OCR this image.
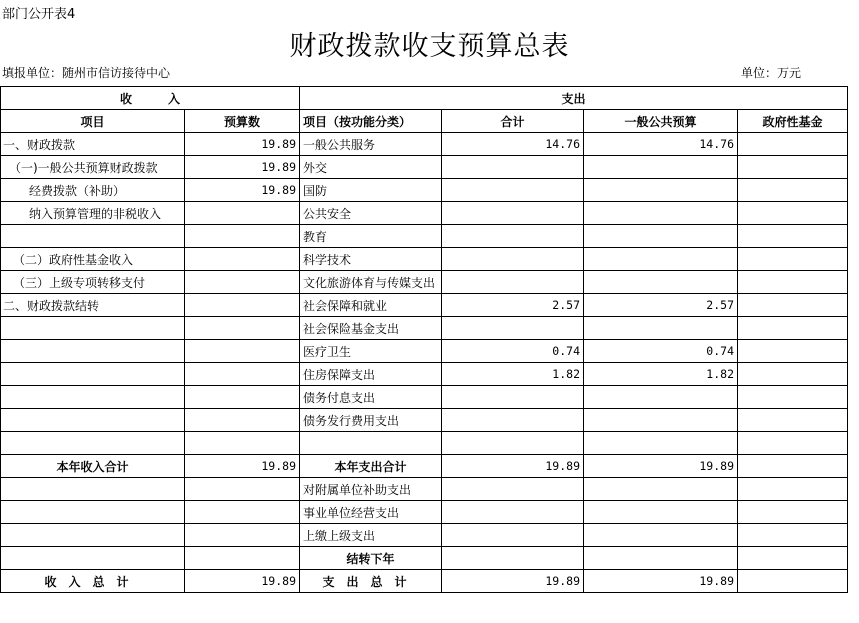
部门公开表4
财政拨款收支预算总表
填报单位：随州市信访接待中心	单位：万元
收　　　入		支出			
项目	预算数	项目（按功能分类）	合计	一般公共预算	政府性基金
一、财政拨款	19.89	一般公共服务	14.76	14.76	
（一)一般公共预算财政拨款	19.89	外交			
经费拨款（补助）	19.89	国防			
纳入预算管理的非税收入		公共安全			
		教育			
（二）政府性基金收入		科学技术			
（三）上级专项转移支付		文化旅游体育与传媒支出			
二、财政拨款结转		社会保障和就业	2.57	2.57	
		社会保险基金支出			
		医疗卫生	0.74	0.74	
		住房保障支出	1.82	1.82	
		债务付息支出			
		债务发行费用支出			

本年收入合计	19.89	本年支出合计	19.89	19.89	
		对附属单位补助支出			
		事业单位经营支出			
		上缴上级支出			
		结转下年			
收入总计	19.89	支出总计	19.89	19.89	
